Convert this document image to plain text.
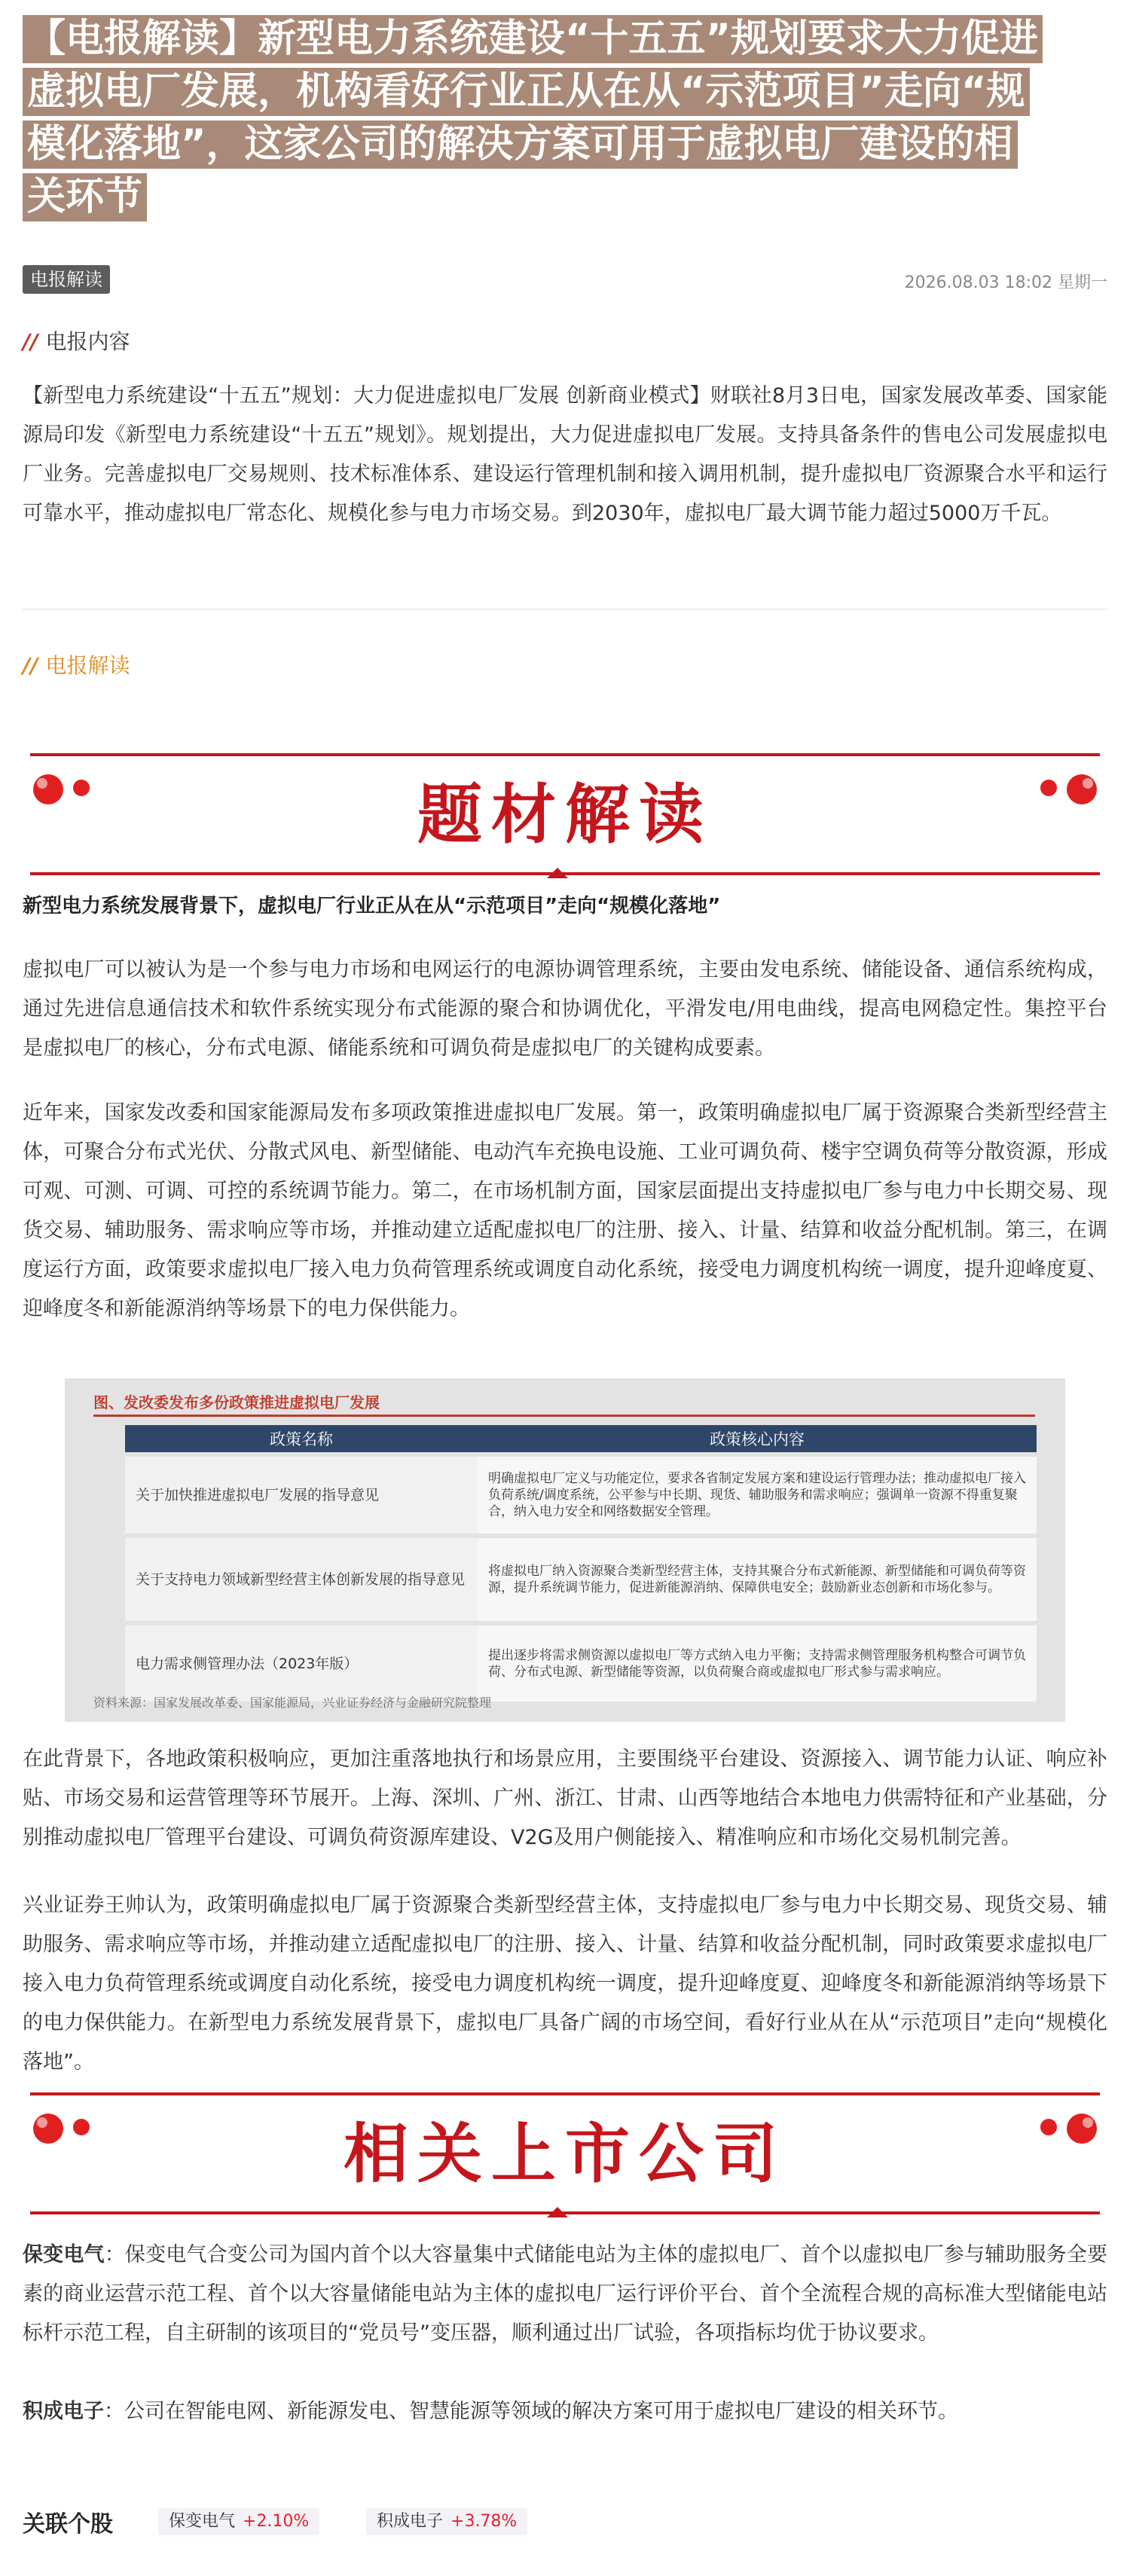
【电报解读】新型电力系统建设“十五五”规划要求大力促进
虚拟电厂发展，机构看好行业正从在从“示范项目”走向“规
模化落地”，这家公司的解决方案可用于虚拟电厂建设的相
关环节
电报解读	2026.08.03 18:02 星期一
// 电报内容

【新型电力系统建设“十五五”规划：大力促进虚拟电厂发展 创新商业模式】财联社8月3日电，国家发展改革委、国家能源局印发《新型电力系统建设“十五五”规划》。规划提出，大力促进虚拟电厂发展。支持具备条件的售电公司发展虚拟电厂业务。完善虚拟电厂交易规则、技术标准体系、建设运行管理机制和接入调用机制，提升虚拟电厂资源聚合水平和运行可靠水平，推动虚拟电厂常态化、规模化参与电力市场交易。到2030年，虚拟电厂最大调节能力超过5000万千瓦。

// 电报解读
题材解读
新型电力系统发展背景下，虚拟电厂行业正从在从“示范项目”走向“规模化落地”

虚拟电厂可以被认为是一个参与电力市场和电网运行的电源协调管理系统，主要由发电系统、储能设备、通信系统构成，通过先进信息通信技术和软件系统实现分布式能源的聚合和协调优化，平滑发电/用电曲线，提高电网稳定性。集控平台是虚拟电厂的核心，分布式电源、储能系统和可调负荷是虚拟电厂的关键构成要素。

近年来，国家发改委和国家能源局发布多项政策推进虚拟电厂发展。第一，政策明确虚拟电厂属于资源聚合类新型经营主体，可聚合分布式光伏、分散式风电、新型储能、电动汽车充换电设施、工业可调负荷、楼宇空调负荷等分散资源，形成可观、可测、可调、可控的系统调节能力。第二，在市场机制方面，国家层面提出支持虚拟电厂参与电力中长期交易、现货交易、辅助服务、需求响应等市场，并推动建立适配虚拟电厂的注册、接入、计量、结算和收益分配机制。第三，在调度运行方面，政策要求虚拟电厂接入电力负荷管理系统或调度自动化系统，接受电力调度机构统一调度，提升迎峰度夏、迎峰度冬和新能源消纳等场景下的电力保供能力。

图、发改委发布多份政策推进虚拟电厂发展
政策名称	政策核心内容
关于加快推进虚拟电厂发展的指导意见	明确虚拟电厂定义与功能定位，要求各省制定发展方案和建设运行管理办法；推动虚拟电厂接入负荷系统/调度系统，公平参与中长期、现货、辅助服务和需求响应；强调单一资源不得重复聚合，纳入电力安全和网络数据安全管理。
关于支持电力领域新型经营主体创新发展的指导意见	将虚拟电厂纳入资源聚合类新型经营主体，支持其聚合分布式新能源、新型储能和可调负荷等资源，提升系统调节能力，促进新能源消纳、保障供电安全；鼓励新业态创新和市场化参与。
电力需求侧管理办法（2023年版）	提出逐步将需求侧资源以虚拟电厂等方式纳入电力平衡；支持需求侧管理服务机构整合可调节负荷、分布式电源、新型储能等资源，以负荷聚合商或虚拟电厂形式参与需求响应。
资料来源：国家发展改革委、国家能源局，兴业证券经济与金融研究院整理

在此背景下，各地政策积极响应，更加注重落地执行和场景应用，主要围绕平台建设、资源接入、调节能力认证、响应补贴、市场交易和运营管理等环节展开。上海、深圳、广州、浙江、甘肃、山西等地结合本地电力供需特征和产业基础，分别推动虚拟电厂管理平台建设、可调负荷资源库建设、V2G及用户侧能接入、精准响应和市场化交易机制完善。

兴业证券王帅认为，政策明确虚拟电厂属于资源聚合类新型经营主体，支持虚拟电厂参与电力中长期交易、现货交易、辅助服务、需求响应等市场，并推动建立适配虚拟电厂的注册、接入、计量、结算和收益分配机制，同时政策要求虚拟电厂接入电力负荷管理系统或调度自动化系统，接受电力调度机构统一调度，提升迎峰度夏、迎峰度冬和新能源消纳等场景下的电力保供能力。在新型电力系统发展背景下，虚拟电厂具备广阔的市场空间，看好行业从在从“示范项目”走向“规模化落地”。

相关上市公司

保变电气：保变电气合变公司为国内首个以大容量集中式储能电站为主体的虚拟电厂、首个以虚拟电厂参与辅助服务全要素的商业运营示范工程、首个以大容量储能电站为主体的虚拟电厂运行评价平台、首个全流程合规的高标准大型储能电站标杆示范工程，自主研制的该项目的“党员号”变压器，顺利通过出厂试验，各项指标均优于协议要求。

积成电子：公司在智能电网、新能源发电、智慧能源等领域的解决方案可用于虚拟电厂建设的相关环节。

关联个股	保变电气 +2.10%	积成电子 +3.78%
